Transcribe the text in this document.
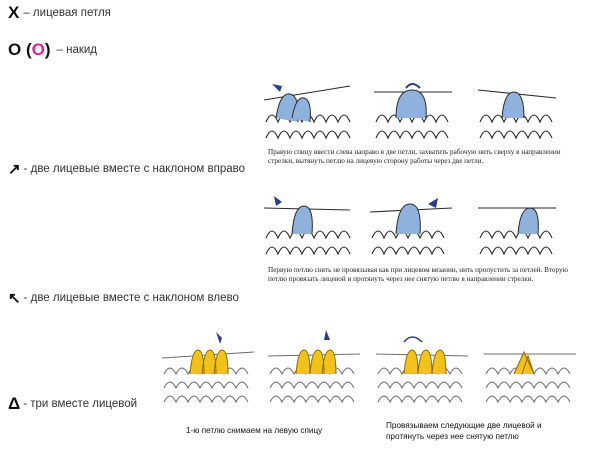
X – лицевая петля
O ( O ) – накид
↗ - две лицевые вместе с наклоном вправо
↖ - две лицевые вместе с наклоном влево
Δ - три вместе лицевой
Правую спицу ввести слева направо в две петли, захватить рабочую нить сверху в направлении стрелки, вытянуть петлю на лицевую сторону работы через две петли.
Первую петлю снять не провязывая как при лицевом вязании, нить пропустить за петлей. Вторую петлю провязать лицевой и протянуть через нее снятую петлю в направлении стрелки.
1-ю петлю снимаем на левую спицу
Провязываем следующие две лицевой и протянуть через нее снятую петлю
